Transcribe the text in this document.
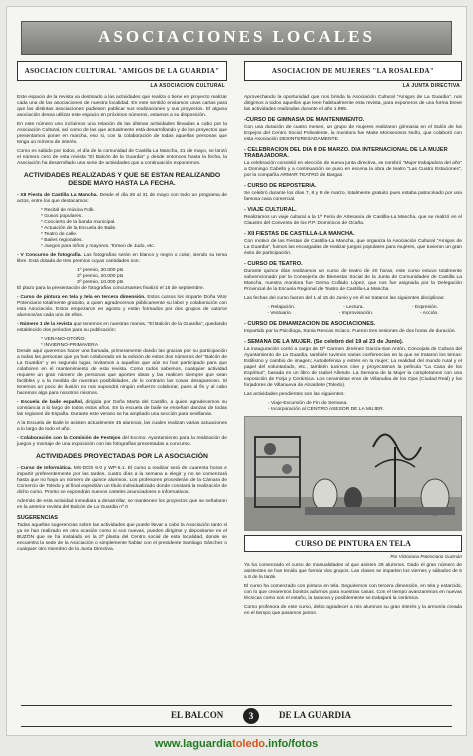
ASOCIACIONES LOCALES
ASOCIACION CULTURAL "AMIGOS DE LA GUARDIA"
LA ASOCIACION CULTURAL

Este espacio de la revista va destinado a las actividades que realiza o tiene en proyecto realizar cada una de las asociaciones de nuestra localidad. En este sentido enviamos unas cartas para que las distintas asociaciones pudiesen publicar sus realizaciones y sus proyectos. El alguna asociación desea utilizar este espacio en próximos números, estamos a su disposición.

En este número uno incluimos una relación de las últimas actividades llevadas a cabo por la Asociación Cultural, así como de las que actualmente está desarrollando y de los proyectos que presentamos poner en marcha, eso si, con la colaboración de todas aquellas personas que tenga un mínimo de interés.

Como es sabido por todos, el día de la comunidad de Castilla La Mancha, 31 de mayo, se lanzó el número cero de esta revista "El Balcón de la Guardia" y desde entonces hasta la fecha, la Asociación ha desarrollado una serie de actividades que a continuación exponemos.

ACTIVIDADES REALIZADAS Y QUE SE ESTAN REALIZANDO DESDE MAYO HASTA LA FECHA.

- XII Fiesta de Castilla La Mancha. Desde el día 26 al 31 de mayo con todo un programa de actos, entre los que destacamos:

* Recital de música Folk.
* Gusos populares.
* Concierto de la banda municipal.
* Actuación de la Escuela de Baile.
* Teatro de calle.
* Bailes regionales.
* Juegos para niños y mayores. Torneo de Judo, etc.

- V Concurso de fotografía. Las fotografías serán en blanco y negro o color, siendo su tema libre. Está dotada de tres premios cuyas cantidades son:

1º premio, 30.000 pts
2º premio, 20.000 pts
3º premio, 10.000 pts

El plazo para la presentación de fotografías concursantes finalizó el 15 de septiembre.

- Curso de pintura en tela y tela en tercera dimensión. Estos cursos los imparte Doña Vitor Potenciano totalmente gratuito, a quien agradecemos públicamente su labor y colaboración con esta Asociación. Estos empezaron en agosto y están formados por dos grupos de catorce alumnos/as cada uno de ellos.

- Número 1 de la revista que tenemos en nuestras manos, "El Balcón de la Guardia", quedando establecido dos periodos para su publicación:

* VERANO-OTOÑO.
* INVIERNO-PRIMAVERA

Desde aquí queremos hacer una llamada, primeramente dando las gracias por su participación a todas las personas que ya han colaborado en la edición de estos dos números del "Balcón de La Guardia" y en segundo lugar, invitamos a aquellos que aún no han participado para que colaboren en el mantenimiento de esta revista. Como todos sabemos, cualquier actividad requiere un gran número de personas que aporten ideas y las realicen siempre que sean factibles y a la medida de nuestras posibilidades, de lo contrario las cosas desaparecen. Si tenemos un poco de ilusión no nos supondrá ningún esfuerzo colaborar, pues al fin y al cabo hacemos algo para nosotros mismos.

- Escuela de baile español, dirigida por Doña Marta del Castillo, a quien agradecemos su constancia a lo largo de todos estos años. En la escuela de baile se enseñan danzas de todas las regiones de España. Durante este verano se ha ampliado una sección para sevillanas.

A la Escuela de Baile le asisten actualmente 45 alumnas, las cuales realizan varias actuaciones a lo largo de todo el año.

- Colaboración con la Comisión de Festejos del Excmo. Ayuntamiento para la realización de juegos y montaje de una exposición con las fotografías presentadas a concurso.

ACTIVIDADES PROYECTADAS POR LA ASOCIACIÓN

- Curso de Informática. MS-DOS 6.0 y WP-5.1. El curso a realizar será de cuarenta horas e impartir preferentemente por las tardes, cuatro días a la semana a elegir y no se comenzará hasta que no haya un número de quince alumnos. Los profesores procederán de la Cámara de Comercio de Toledo y al final expedirán un título individualizado donde constará la realización de dicho curso. Pronto se expondrán nuevos carteles anunciadores e informativos.

Además de esta actividad inmediata a desarrollar, se mantienen los proyectos que se señalaron en la anterior revista del Balcón de La Guardia nº 0

SUGERENCIAS

Todas aquellas sugerencias sobre las actividades que puede llevar a cabo la Asociación tanto si ya se han realizado en otra ocasión como si son nuevas, pueden dirigirse y depositarse en el BUZÓN que se ha instalado en la 2ª planta del Centro social de esta localidad, donde se encuentra la sede de la Asociación o simplemente hablar con el presidente Santiago Sánchez o cualquier otro miembro de la Junta Directiva.

ASOCIACION DE MUJERES "LA ROSALEDA"
LA JUNTA DIRECTIVA

Aprovechando la oportunidad que nos brinda la Asociación Cultural "Amigos de La Guardia", nos dirigimos a todos aquellos que leen habitualmente esta revista, para exponeros de una forma breve las actividades realizadas durante el año 1.995.

-CURSO DE GIMNASIA DE MANTENIMIENTO.

Con una duración de cuatro meses, un grupo de mujeres realizaron gimnasia en el Salón de los Espejos del Centro Social Polivalente, la monitora fue Maite Monseoinos Nuño, que colaboró con esta Asociación DESINTERESADAMENTE.

- CELEBRACION DEL DIA 8 DE MARZO. DIA INTERNACIONAL DE LA MUJER TRABAJADORA.

La celebración consistió en elección de nueva junta directiva, se nombró "Mujer trabajadora del año" a Domingo Cabello y a continuación se puso en escena la obra de teatro "Las Cuatro Estaciones", por la compañía ARMAR TEATRO de Bargas.

- CURSO DE REPOSTERIA.

Se celebró durante los días 7, 8 y 9 de marzo, totalmente gratuito pues estaba patrocinado por una famosa casa comercial.

- VIAJE CULTURAL.

Realizamos un viaje cultural a la 1ª Feria de Artesanía de Castilla-La Mancha, que se realizó en el Claustro del Convento de los P.P. Dominicos de Ocaña.

- XII FIESTAS DE CASTILLA-LA MANCHA.

Con motivo de las Fiestas de Castilla-La Mancha, que organiza la Asociación Cultural "Amigos de La Guardia", fuimos las encargadas de realizar juegos populares para mujeres, que tuvieron un gran éxito de participación.

- CURSO DE TEATRO.

Durante quince días realizamos un curso de teatro de 40 horas, este curso estuvo totalmente subvencionado por la Consejería de Bienestar Social de la Junta de Comunidades de Castilla La Mancha, nuestra monitora fue Gema Collado López, que nos fue asignada por la Delegación Provincial de la Escuela Regional de Teatro de Castilla-La Mancha.

Las fechas del curso fueron del 1 al 15 de Junio y en él se trataron las siguientes disciplinas:

- Relajación.	- Lectura.	- Expresión.
- Vestuario.	- Improvisación.	- Acción.
- CURSO DE DINAMIZACION DE ASOCIACIONES.

Impartido por la Psicóloga, Sonia Rescas Sciaco. Fueron tres sesiones de dos horas de duración.

- SEMANA DE LA MUJER. (Se celebró del 19 al 23 de Junio).

La inauguración corrió a cargo de Dª Carmen Jiménez García-San Antón, Concejala de Cultura del Ayuntamiento de La Guardia, también tuvimos varias conferencias en la que se trataron los temas: Estilismo y cambio de imagen; Autodefensa y estrés en la mujer; La realidad del mundo rural y el papel del voluntariado, etc., también tuvimos cine y proyectamos la película "La Casa de los Espíritus", basada en un libro de Isabel Allende. La Semana de la Mujer la completamos con una exposición de Forja y Cerámica. Los ceramistas eran de Villanubia de los Ojos (Ciudad Real) y los forjadores de Villanueva de Alcardete (Toledo).

Las actividades pendientes son las siguientes:

- Viaje-Excursión de Fin de Semana.
- Incorporación al CENTRO ASESOR DE LA MUJER.
CURSO DE PINTURA EN TELA
Por Victoriana Potenciano Guzmán

Ya ha comenzado el curso de manualidades al que asisten 28 alumnos. Dado el gran número de asistentes se han tenido que formar dos grupos. Las clases se imparten los viernes y sábados de 5 a 8 de la tarde.

El curso ha comenzado con pintura en tela. Seguiremos con tercera dimensión, en tela y estarcido, con lo que crearemos bonitos adornos para nuestras casas. Con el tiempo avanzaremos en nuevas técnicas como son el estaño, la taracea y posiblemente se trabajará la cerámica.

Como profesora de este curso, debo agradecer a mis alumnos su gran interés y la armonía creada en el tiempo que pasamos juntos.

EL BALCON	3	DE LA GUARDIA
www.laguardiatoledo.info/fotos
